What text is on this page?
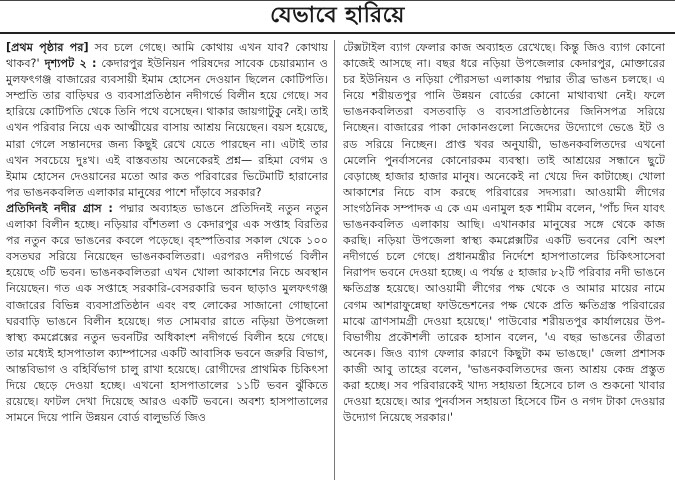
যেভাবে হারিয়ে

[প্রথম পৃষ্ঠার পর] সব চলে গেছে। আমি কোথায় এখন যাব? কোথায় থাকব?' দৃশ্যপট ২ : কেদারপুর ইউনিয়ন পরিষদের সাবেক চেয়ারম্যান ও মুলফৎগঞ্জ বাজারের ব্যবসায়ী ইমাম হোসেন দেওয়ান ছিলেন কোটিপতি। সম্প্রতি তার বাড়িঘর ও ব্যবসাপ্রতিষ্ঠান নদীগর্ভে বিলীন হয়ে গেছে। সব হারিয়ে কোটিপতি থেকে তিনি পথে বসেছেন। থাকার জায়গাটুকু নেই। তাই এখন পরিবার নিয়ে এক আত্মীয়ের বাসায় আশ্রয় নিয়েছেন। বয়স হয়েছে, মারা গেলে সন্তানদের জন্য কিছুই রেখে যেতে পারছেন না। এটাই তার এখন সবচেয়ে দুঃখ। এই বাস্তবতায় অনেকেরই প্রশ্ন— রহিমা বেগম ও ইমাম হোসেন দেওয়ানের মতো আর কত পরিবারের ভিটেমাটি হারানোর পর ভাঙনকবলিত এলাকার মানুষের পাশে দাঁড়াবে সরকার?

প্রতিদিনই নদীর গ্রাস : পদ্মার অব্যাহত ভাঙনে প্রতিদিনই নতুন নতুন এলাকা বিলীন হচ্ছে। নড়িয়ার বাঁশতলা ও কেদারপুর এক সপ্তাহ বিরতির পর নতুন করে ভাঙনের কবলে পড়েছে। বৃহস্পতিবার সকাল থেকে ১০০ বসতঘর সরিয়ে নিয়েছেন ভাঙনকবলিতরা। এরপরও নদীগর্ভে বিলীন হয়েছে ৩টি ভবন। ভাঙনকবলিতরা এখন খোলা আকাশের নিচে অবস্থান নিয়েছেন। গত এক সপ্তাহে সরকারি-বেসরকারি ভবন ছাড়াও মুলফৎগঞ্জ বাজারের বিভিন্ন ব্যবসাপ্রতিষ্ঠান এবং বহু লোকের সাজানো গোছানো ঘরবাড়ি ভাঙনে বিলীন হয়েছে। গত সোমবার রাতে নড়িয়া উপজেলা স্বাস্থ্য কমপ্লেক্সের নতুন ভবনটির অধিকাংশ নদীগর্ভে বিলীন হয়ে গেছে। তার মধ্যেই হাসপাতাল ক্যাম্পাসের একটি আবাসিক ভবনে জরুরি বিভাগ, আন্তবিভাগ ও বহির্বিভাগ চালু রাখা হয়েছে। রোগীদের প্রাথমিক চিকিৎসা দিয়ে ছেড়ে দেওয়া হচ্ছে। এখনো হাসপাতালের ১১টি ভবন ঝুঁকিতে রয়েছে। ফাটল দেখা দিয়েছে আরও একটি ভবনে। অবশ্য হাসপাতালের সামনে দিয়ে পানি উন্নয়ন বোর্ড বালুভর্তি জিও

টেক্সটাইল ব্যাগ ফেলার কাজ অব্যাহত রেখেছে। কিন্তু জিও ব্যাগ কোনো কাজেই আসছে না। বছর ধরে নড়িয়া উপজেলার কেদারপুর, মোক্তারের চর ইউনিয়ন ও নড়িয়া পৌরসভা এলাকায় পদ্মার তীব্র ভাঙন চলছে। এ নিয়ে শরীয়তপুর পানি উন্নয়ন বোর্ডের কোনো মাথাব্যথা নেই। ফলে ভাঙনকবলিতরা বসতবাড়ি ও ব্যবসাপ্রতিষ্ঠানের জিনিসপত্র সরিয়ে নিচ্ছেন। বাজারের পাকা দোকানগুলো নিজেদের উদ্যোগে ভেঙে ইট ও রড সরিয়ে নিচ্ছেন। প্রাপ্ত খবর অনুযায়ী, ভাঙনকবলিতদের এখনো মেলেনি পুনর্বাসনের কোনোরকম ব্যবস্থা। তাই আশ্রয়ের সন্ধানে ছুটে বেড়াচ্ছে হাজার হাজার মানুষ। অনেকেই না খেয়ে দিন কাটাচ্ছে। খোলা আকাশের নিচে বাস করছে পরিবারের সদস্যরা। আওয়ামী লীগের সাংগঠনিক সম্পাদক এ কে এম এনামুল হক শামীম বলেন, 'পাঁচ দিন যাবৎ ভাঙনকবলিত এলাকায় আছি। এখানকার মানুষের সঙ্গে থেকে কাজ করছি। নড়িয়া উপজেলা স্বাস্থ্য কমপ্লেক্সটির একটি ভবনের বেশি অংশ নদীগর্ভে চলে গেছে। প্রধানমন্ত্রীর নির্দেশে হাসপাতালের চিকিৎসাসেবা নিরাপদ ভবনে দেওয়া হচ্ছে। এ পর্যন্ত ৫ হাজার ৮২টি পরিবার নদী ভাঙনে ক্ষতিগ্রস্ত হয়েছে। আওয়ামী লীগের পক্ষ থেকে ও আমার মায়ের নামে বেগম আশরাফুন্নেছা ফাউন্ডেশনের পক্ষ থেকে প্রতি ক্ষতিগ্রস্ত পরিবারের মাঝে ত্রাণসামগ্রী দেওয়া হয়েছে।' পাউবোর শরীয়তপুর কার্যালয়ের উপ-বিভাগীয় প্রকৌশলী তারেক হাসান বলেন, 'এ বছর ভাঙনের তীব্রতা অনেক। জিও ব্যাগ ফেলার কারণে কিছুটা কম ভাঙছে।' জেলা প্রশাসক কাজী আবু তাহের বলেন, 'ভাঙনকবলিতদের জন্য আশ্রয় কেন্দ্র প্রস্তুত করা হচ্ছে। সব পরিবারকেই খাদ্য সহায়তা হিসেবে চাল ও শুকনো খাবার দেওয়া হয়েছে। আর পুনর্বাসন সহায়তা হিসেবে টিন ও নগদ টাকা দেওয়ার উদ্যোগ নিয়েছে সরকার।'
